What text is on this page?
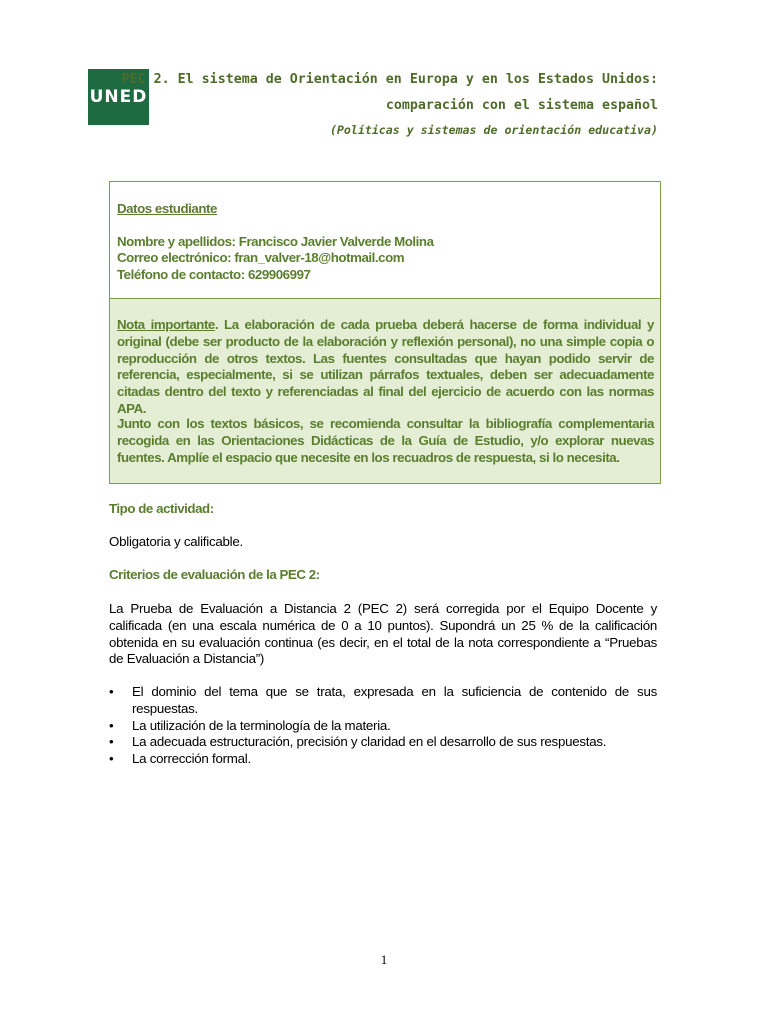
UNED
PEC 2. El sistema de Orientación en Europa y en los Estados Unidos:
comparación con el sistema español
(Políticas y sistemas de orientación educativa)
Datos estudiante
Nombre y apellidos: Francisco Javier Valverde Molina
Correo electrónico: fran_valver-18@hotmail.com
Teléfono de contacto: 629906997

Nota importante. La elaboración de cada prueba deberá hacerse de forma individual y original (debe ser producto de la elaboración y reflexión personal), no una simple copia o reproducción de otros textos. Las fuentes consultadas que hayan podido servir de referencia, especialmente, si se utilizan párrafos textuales, deben ser adecuadamente citadas dentro del texto y referenciadas al final del ejercicio de acuerdo con las normas APA.

Junto con los textos básicos, se recomienda consultar la bibliografía complementaria recogida en las Orientaciones Didácticas de la Guía de Estudio, y/o explorar nuevas fuentes. Amplíe el espacio que necesite en los recuadros de respuesta, si lo necesita.

Tipo de actividad:
Obligatoria y calificable.
Criterios de evaluación de la PEC 2:

La Prueba de Evaluación a Distancia 2 (PEC 2) será corregida por el Equipo Docente y calificada (en una escala numérica de 0 a 10 puntos). Supondrá un 25 % de la calificación obtenida en su evaluación continua (es decir, en el total de la nota correspondiente a “Pruebas de Evaluación a Distancia”)

• El dominio del tema que se trata, expresada en la suficiencia de contenido de sus respuestas.
• La utilización de la terminología de la materia.
• La adecuada estructuración, precisión y claridad en el desarrollo de sus respuestas.
• La corrección formal.
1
